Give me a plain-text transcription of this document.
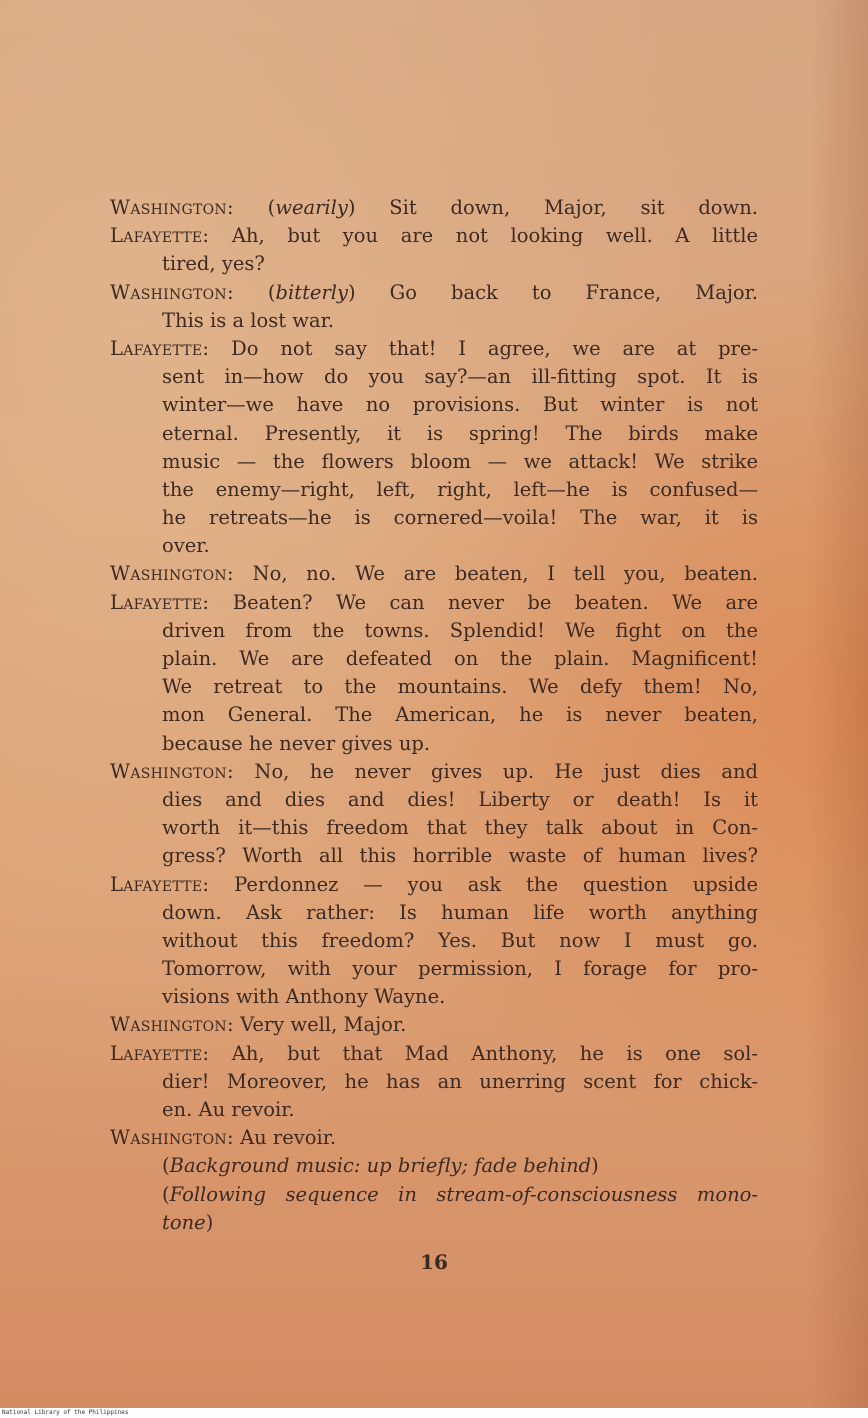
Washington: (wearily) Sit down, Major, sit down.
Lafayette: Ah, but you are not looking well. A little
tired, yes?
Washington: (bitterly) Go back to France, Major.
This is a lost war.
Lafayette: Do not say that! I agree, we are at pre-
sent in—how do you say?—an ill-fitting spot. It is
winter—we have no provisions. But winter is not
eternal. Presently, it is spring! The birds make
music — the flowers bloom — we attack! We strike
the enemy—right, left, right, left—he is confused—
he retreats—he is cornered—voila! The war, it is
over.
Washington: No, no. We are beaten, I tell you, beaten.
Lafayette: Beaten? We can never be beaten. We are
driven from the towns. Splendid! We fight on the
plain. We are defeated on the plain. Magnificent!
We retreat to the mountains. We defy them! No,
mon General. The American, he is never beaten,
because he never gives up.
Washington: No, he never gives up. He just dies and
dies and dies and dies! Liberty or death! Is it
worth it—this freedom that they talk about in Con-
gress? Worth all this horrible waste of human lives?
Lafayette: Perdonnez — you ask the question upside
down. Ask rather: Is human life worth anything
without this freedom? Yes. But now I must go.
Tomorrow, with your permission, I forage for pro-
visions with Anthony Wayne.
Washington: Very well, Major.
Lafayette: Ah, but that Mad Anthony, he is one sol-
dier! Moreover, he has an unerring scent for chick-
en. Au revoir.
Washington: Au revoir.
(Background music: up briefly; fade behind)
(Following sequence in stream-of-consciousness mono-
tone)
16
National Library of the Philippines
